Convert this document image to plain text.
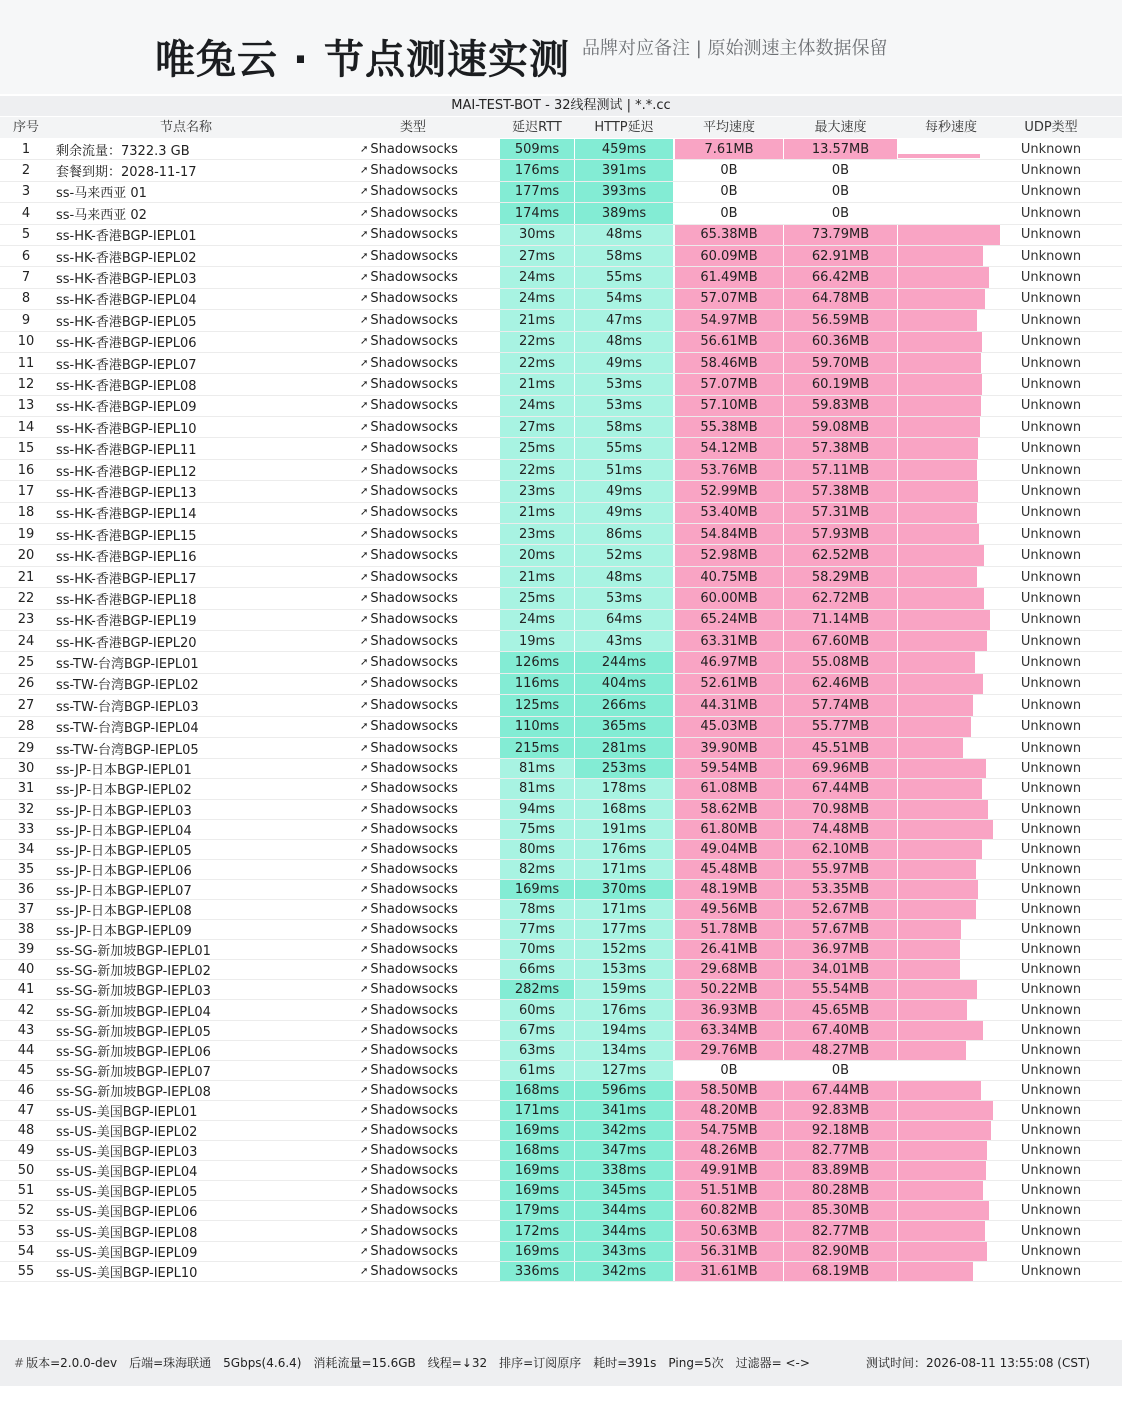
唯兔云 · 节点测速实测 品牌对应备注 | 原始测速主体数据保留
MAI-TEST-BOT - 32线程测试 | *.*.cc
序号	节点名称	类型	延迟RTT	HTTP延迟	平均速度	最大速度	每秒速度	UDP类型
1	剩余流量：7322.3 GB	➚ Shadowsocks	509ms	459ms	7.61MB	13.57MB	Unknown
2	套餐到期：2028-11-17	➚ Shadowsocks	176ms	391ms	0B	0B	Unknown
3	ss-马来西亚 01	➚ Shadowsocks	177ms	393ms	0B	0B	Unknown
4	ss-马来西亚 02	➚ Shadowsocks	174ms	389ms	0B	0B	Unknown
5	ss-HK-香港BGP-IEPL01	➚ Shadowsocks	30ms	48ms	65.38MB	73.79MB	Unknown
6	ss-HK-香港BGP-IEPL02	➚ Shadowsocks	27ms	58ms	60.09MB	62.91MB	Unknown
7	ss-HK-香港BGP-IEPL03	➚ Shadowsocks	24ms	55ms	61.49MB	66.42MB	Unknown
8	ss-HK-香港BGP-IEPL04	➚ Shadowsocks	24ms	54ms	57.07MB	64.78MB	Unknown
9	ss-HK-香港BGP-IEPL05	➚ Shadowsocks	21ms	47ms	54.97MB	56.59MB	Unknown
10	ss-HK-香港BGP-IEPL06	➚ Shadowsocks	22ms	48ms	56.61MB	60.36MB	Unknown
11	ss-HK-香港BGP-IEPL07	➚ Shadowsocks	22ms	49ms	58.46MB	59.70MB	Unknown
12	ss-HK-香港BGP-IEPL08	➚ Shadowsocks	21ms	53ms	57.07MB	60.19MB	Unknown
13	ss-HK-香港BGP-IEPL09	➚ Shadowsocks	24ms	53ms	57.10MB	59.83MB	Unknown
14	ss-HK-香港BGP-IEPL10	➚ Shadowsocks	27ms	58ms	55.38MB	59.08MB	Unknown
15	ss-HK-香港BGP-IEPL11	➚ Shadowsocks	25ms	55ms	54.12MB	57.38MB	Unknown
16	ss-HK-香港BGP-IEPL12	➚ Shadowsocks	22ms	51ms	53.76MB	57.11MB	Unknown
17	ss-HK-香港BGP-IEPL13	➚ Shadowsocks	23ms	49ms	52.99MB	57.38MB	Unknown
18	ss-HK-香港BGP-IEPL14	➚ Shadowsocks	21ms	49ms	53.40MB	57.31MB	Unknown
19	ss-HK-香港BGP-IEPL15	➚ Shadowsocks	23ms	86ms	54.84MB	57.93MB	Unknown
20	ss-HK-香港BGP-IEPL16	➚ Shadowsocks	20ms	52ms	52.98MB	62.52MB	Unknown
21	ss-HK-香港BGP-IEPL17	➚ Shadowsocks	21ms	48ms	40.75MB	58.29MB	Unknown
22	ss-HK-香港BGP-IEPL18	➚ Shadowsocks	25ms	53ms	60.00MB	62.72MB	Unknown
23	ss-HK-香港BGP-IEPL19	➚ Shadowsocks	24ms	64ms	65.24MB	71.14MB	Unknown
24	ss-HK-香港BGP-IEPL20	➚ Shadowsocks	19ms	43ms	63.31MB	67.60MB	Unknown
25	ss-TW-台湾BGP-IEPL01	➚ Shadowsocks	126ms	244ms	46.97MB	55.08MB	Unknown
26	ss-TW-台湾BGP-IEPL02	➚ Shadowsocks	116ms	404ms	52.61MB	62.46MB	Unknown
27	ss-TW-台湾BGP-IEPL03	➚ Shadowsocks	125ms	266ms	44.31MB	57.74MB	Unknown
28	ss-TW-台湾BGP-IEPL04	➚ Shadowsocks	110ms	365ms	45.03MB	55.77MB	Unknown
29	ss-TW-台湾BGP-IEPL05	➚ Shadowsocks	215ms	281ms	39.90MB	45.51MB	Unknown
30	ss-JP-日本BGP-IEPL01	➚ Shadowsocks	81ms	253ms	59.54MB	69.96MB	Unknown
31	ss-JP-日本BGP-IEPL02	➚ Shadowsocks	81ms	178ms	61.08MB	67.44MB	Unknown
32	ss-JP-日本BGP-IEPL03	➚ Shadowsocks	94ms	168ms	58.62MB	70.98MB	Unknown
33	ss-JP-日本BGP-IEPL04	➚ Shadowsocks	75ms	191ms	61.80MB	74.48MB	Unknown
34	ss-JP-日本BGP-IEPL05	➚ Shadowsocks	80ms	176ms	49.04MB	62.10MB	Unknown
35	ss-JP-日本BGP-IEPL06	➚ Shadowsocks	82ms	171ms	45.48MB	55.97MB	Unknown
36	ss-JP-日本BGP-IEPL07	➚ Shadowsocks	169ms	370ms	48.19MB	53.35MB	Unknown
37	ss-JP-日本BGP-IEPL08	➚ Shadowsocks	78ms	171ms	49.56MB	52.67MB	Unknown
38	ss-JP-日本BGP-IEPL09	➚ Shadowsocks	77ms	177ms	51.78MB	57.67MB	Unknown
39	ss-SG-新加坡BGP-IEPL01	➚ Shadowsocks	70ms	152ms	26.41MB	36.97MB	Unknown
40	ss-SG-新加坡BGP-IEPL02	➚ Shadowsocks	66ms	153ms	29.68MB	34.01MB	Unknown
41	ss-SG-新加坡BGP-IEPL03	➚ Shadowsocks	282ms	159ms	50.22MB	55.54MB	Unknown
42	ss-SG-新加坡BGP-IEPL04	➚ Shadowsocks	60ms	176ms	36.93MB	45.65MB	Unknown
43	ss-SG-新加坡BGP-IEPL05	➚ Shadowsocks	67ms	194ms	63.34MB	67.40MB	Unknown
44	ss-SG-新加坡BGP-IEPL06	➚ Shadowsocks	63ms	134ms	29.76MB	48.27MB	Unknown
45	ss-SG-新加坡BGP-IEPL07	➚ Shadowsocks	61ms	127ms	0B	0B	Unknown
46	ss-SG-新加坡BGP-IEPL08	➚ Shadowsocks	168ms	596ms	58.50MB	67.44MB	Unknown
47	ss-US-美国BGP-IEPL01	➚ Shadowsocks	171ms	341ms	48.20MB	92.83MB	Unknown
48	ss-US-美国BGP-IEPL02	➚ Shadowsocks	169ms	342ms	54.75MB	92.18MB	Unknown
49	ss-US-美国BGP-IEPL03	➚ Shadowsocks	168ms	347ms	48.26MB	82.77MB	Unknown
50	ss-US-美国BGP-IEPL04	➚ Shadowsocks	169ms	338ms	49.91MB	83.89MB	Unknown
51	ss-US-美国BGP-IEPL05	➚ Shadowsocks	169ms	345ms	51.51MB	80.28MB	Unknown
52	ss-US-美国BGP-IEPL06	➚ Shadowsocks	179ms	344ms	60.82MB	85.30MB	Unknown
53	ss-US-美国BGP-IEPL08	➚ Shadowsocks	172ms	344ms	50.63MB	82.77MB	Unknown
54	ss-US-美国BGP-IEPL09	➚ Shadowsocks	169ms	343ms	56.31MB	82.90MB	Unknown
55	ss-US-美国BGP-IEPL10	➚ Shadowsocks	336ms	342ms	31.61MB	68.19MB	Unknown
# 版本=2.0.0-dev　后端=珠海联通　5Gbps(4.6.4)　消耗流量=15.6GB　线程=↓32　排序=订阅原序　耗时=391s　Ping=5次　过滤器= <->	测试时间：2026-08-11 13:55:08 (CST)
